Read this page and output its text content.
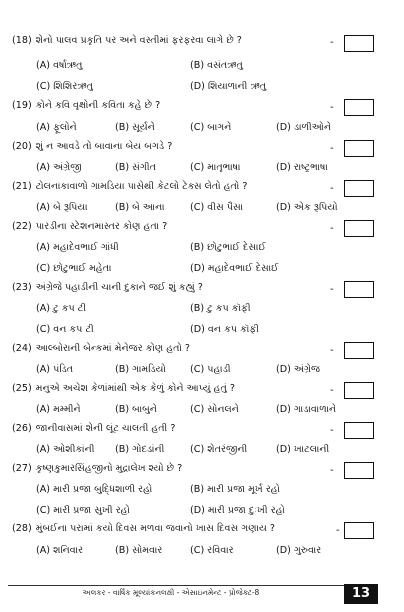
(18) શેનો પાલવ પ્રકૃતિ પર અને વસ્તીમાં ફરફરવા લાગે છે ?	-
(A) વર્ષાઋતુ	(B) વસંતઋતુ
(C) શિશિરઋતુ	(D) શિયાળાની ઋતુ
(19) કોને કવિ વૃક્ષોની કવિતા કહે છે ?	-
(A) ફૂલોને	(B) સૂર્યને	(C) બાગને	(D) ડાળીઓને
(20) શું ન આવડે તો બાવાના બેય બગડે ?	-
(A) અંગ્રેજી	(B) સંગીત	(C) માતૃભાષા	(D) રાષ્ટ્રભાષા
(21) ટોલનાકાવાળો ગામડિયા પાસેથી કેટલો ટેક્સ લેતો હતો ?	-
(A) બે રૂપિયા	(B) બે આના	(C) વીસ પૈસા	(D) એક રૂપિયો
(22) પારડીના સ્ટેશનમાસ્તર કોણ હતા ?	-
(A) મહાદેવભાઈ ગાંધી	(B) છોટુભાઈ દેસાઈ
(C) છોટુભાઈ મહેતા	(D) મહાદેવભાઈ દેસાઈ
(23) અંગ્રેજે પહાડીની ચાની દુકાને જઈ શું કહ્યું ?	-
(A) ટુ કપ ટી	(B) ટુ કપ કૉફી
(C) વન કપ ટી	(D) વન કપ કૉફી
(24) આલ્બોરાની બેન્કમાં મેનેજર કોણ હતો ?	-
(A) પંડિત	(B) ગામડિયો	(C) પહાડી	(D) અંગ્રેજ
(25) મનુએ અચેશ કેળાંમાંથી એક કેળું કોને આપ્યું હતું ?	-
(A) મમ્મીને	(B) બાબુને	(C) સોનલને	(D) ગાડાવાળાને
(26) જાનીવાસમાં શેની લૂંટ ચાલતી હતી ?	-
(A) ઓશીકાંની (B) ગોદડાંની	(C) શેતરંજીની	(D) ખાટલાની
(27) કૃષ્ણકુમારસિંહજીનો મુદ્રાલેખ શ્યો છે ?	-
(A) મારી પ્રજા બુદ્ધિશાળી રહો	(B) મારી પ્રજા મૂર્ખ રહો
(C) મારી પ્રજા સુખી રહો	(D) મારી પ્રજા દુઃખી રહો
(28) મુંબઈના પરામાં કયો દિવસ મળવા જવાનો ખાસ દિવસ ગણાય ?	-
(A) શનિવાર	(B) સોમવાર	(C) રવિવાર	(D) ગુરુવાર
અલકર - વાર્ષિક મૂલ્યાંકનલક્ષી - એસાઇનમેન્ટ - પ્રોજેક્ટ-8	13
